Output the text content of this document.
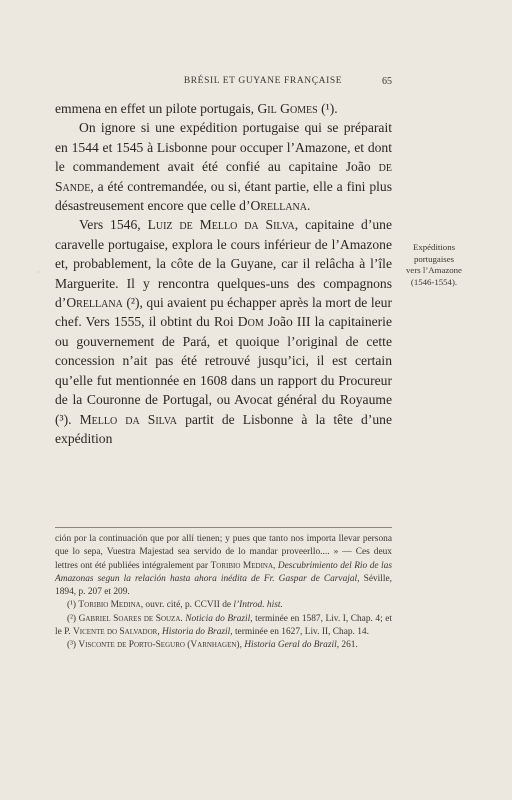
BRÉSIL ET GUYANE FRANÇAISE	65
·

emmena en effet un pilote portugais, Gil Gomes (¹).

On ignore si une expédition portugaise qui se préparait en 1544 et 1545 à Lisbonne pour occuper l’Amazone, et dont le commandement avait été confié au capitaine João de Sande, a été contremandée, ou si, étant partie, elle a fini plus désastreusement encore que celle d’Orellana.

Vers 1546, Luiz de Mello da Silva, capitaine d’une caravelle portugaise, explora le cours inférieur de l’Amazone et, probablement, la côte de la Guyane, car il relâcha à l’île Marguerite. Il y rencontra quelques-uns des compagnons d’Orellana (²), qui avaient pu échapper après la mort de leur chef. Vers 1555, il obtint du Roi Dom João III la capitainerie ou gouvernement de Pará, et quoique l’original de cette concession n’ait pas été retrouvé jusqu’ici, il est certain qu’elle fut mentionnée en 1608 dans un rapport du Procureur de la Couronne de Portugal, ou Avocat général du Royaume (³). Mello da Silva partit de Lisbonne à la tête d’une expédition

Expéditions
portugaises
vers l’Amazone
(1546-1554).

ción por la continuación que por allí tienen; y pues que tanto nos importa llevar persona que lo sepa, Vuestra Majestad sea servido de lo mandar proveerllo.... » — Ces deux lettres ont été publiées intégralement par Toribio Medina, Descubrimiento del Rio de las Amazonas segun la relación hasta ahora inédita de Fr. Gaspar de Carvajal, Séville, 1894, p. 207 et 209.

(¹) Toribio Medina, ouvr. cité, p. CCVII de l’Introd. hist.

(²) Gabriel Soares de Souza. Noticia do Brazil, terminée en 1587, Liv. I, Chap. 4; et le P. Vicente do Salvador, Historia do Brazil, terminée en 1627, Liv. II, Chap. 14.

(³) Visconte de Porto-Seguro (Varnhagen), Historia Geral do Brazil, 261.
